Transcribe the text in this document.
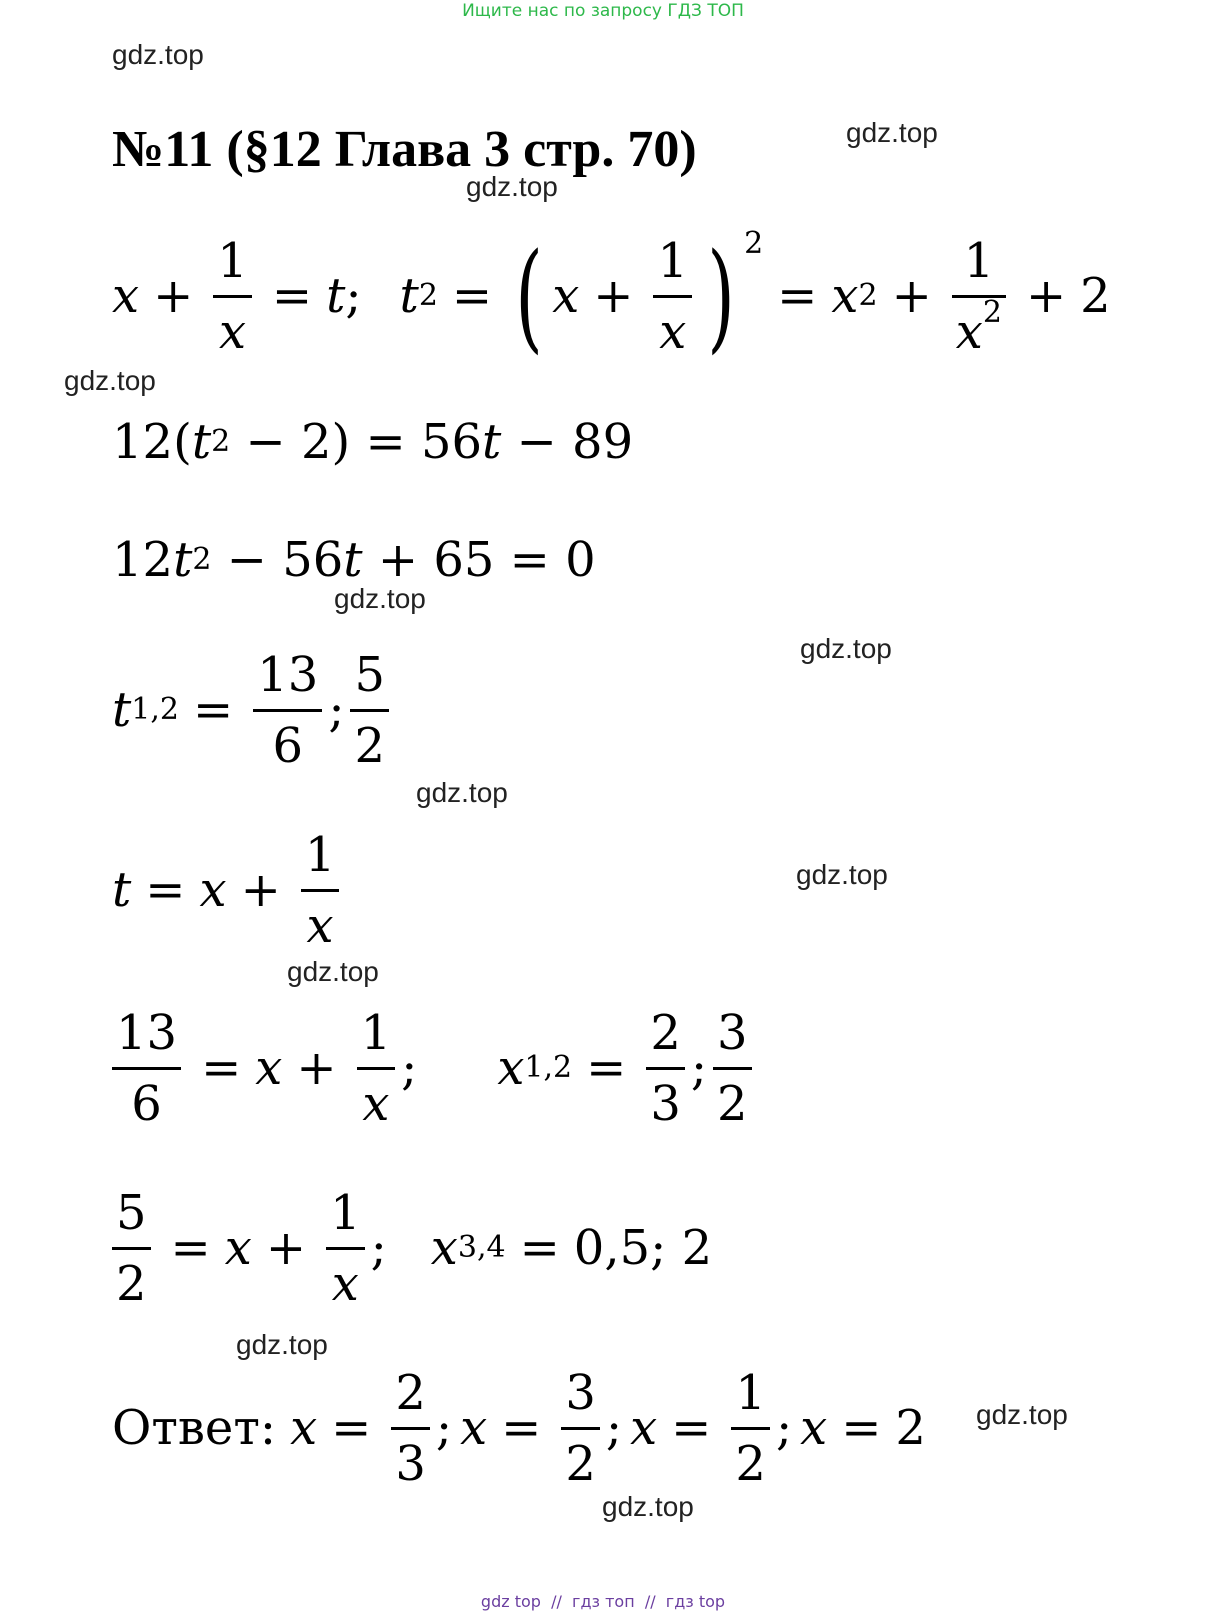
Ищите нас по запросу ГДЗ ТОП
gdz.top
gdz.top
gdz.top
gdz.top
gdz.top
gdz.top
gdz.top
gdz.top
gdz.top
gdz.top
gdz.top
gdz.top
№11 (§12 Глава 3 стр. 70)
$x + \frac{1}{x} = t$ ; t 2 = ( $x + \frac{1}{x}$ ) 2
= x $2 + \frac{1}{x^2} + 2$
12( t 2 − 2) = 56 t − 89
12 t 2 − 56 t + 65 = 0
t $1,2 = \frac{13}{6}$ ; $\frac{5}{2}$
$t = x + \frac{1}{x}$
$\frac{13}{6} = x + \frac{1}{x}$ ; x $1,2 = \frac{2}{3}$ ; $\frac{3}{2}$
$\frac{5}{2} = x + \frac{1}{x}$ ; x 3,4 = 0,5; 2
Ответ: $x = \frac{2}{3}$ ; $x = \frac{3}{2}$ ; $x = \frac{1}{2}$ ; x = 2
gdz top  //  гдз топ  //  гдз top
